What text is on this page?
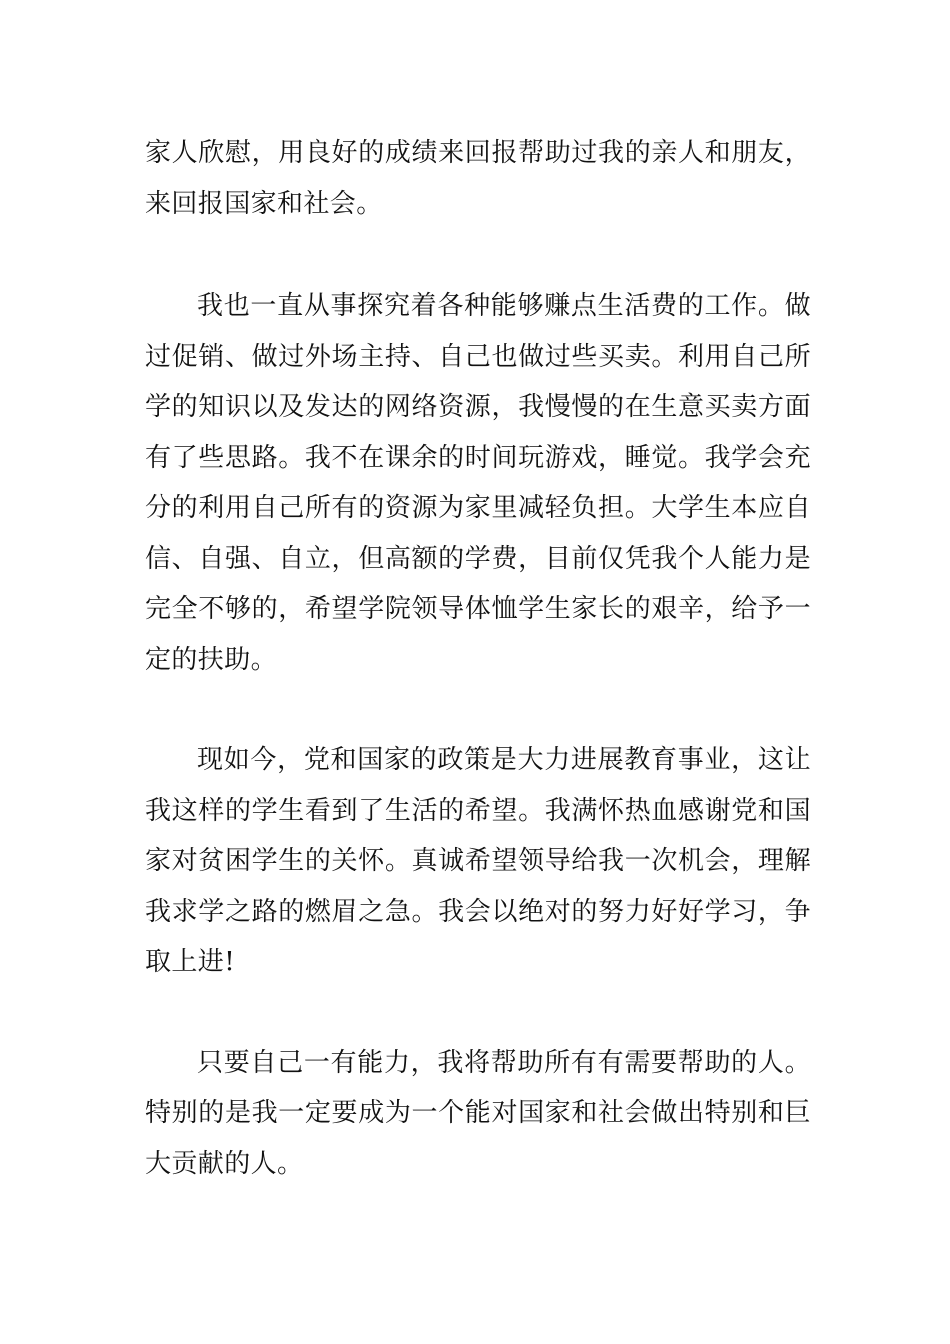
家人欣慰，用良好的成绩来回报帮助过我的亲人和朋友，来回报国家和社会。

我也一直从事探究着各种能够赚点生活费的工作。做过促销、做过外场主持、自己也做过些买卖。利用自己所学的知识以及发达的网络资源，我慢慢的在生意买卖方面有了些思路。我不在课余的时间玩游戏，睡觉。我学会充分的利用自己所有的资源为家里减轻负担。大学生本应自信、自强、自立，但高额的学费，目前仅凭我个人能力是完全不够的，希望学院领导体恤学生家长的艰辛，给予一定的扶助。

现如今，党和国家的政策是大力进展教育事业，这让我这样的学生看到了生活的希望。我满怀热血感谢党和国家对贫困学生的关怀。真诚希望领导给我一次机会，理解我求学之路的燃眉之急。我会以绝对的努力好好学习，争取上进!

只要自己一有能力，我将帮助所有有需要帮助的人。特别的是我一定要成为一个能对国家和社会做出特别和巨大贡献的人。
